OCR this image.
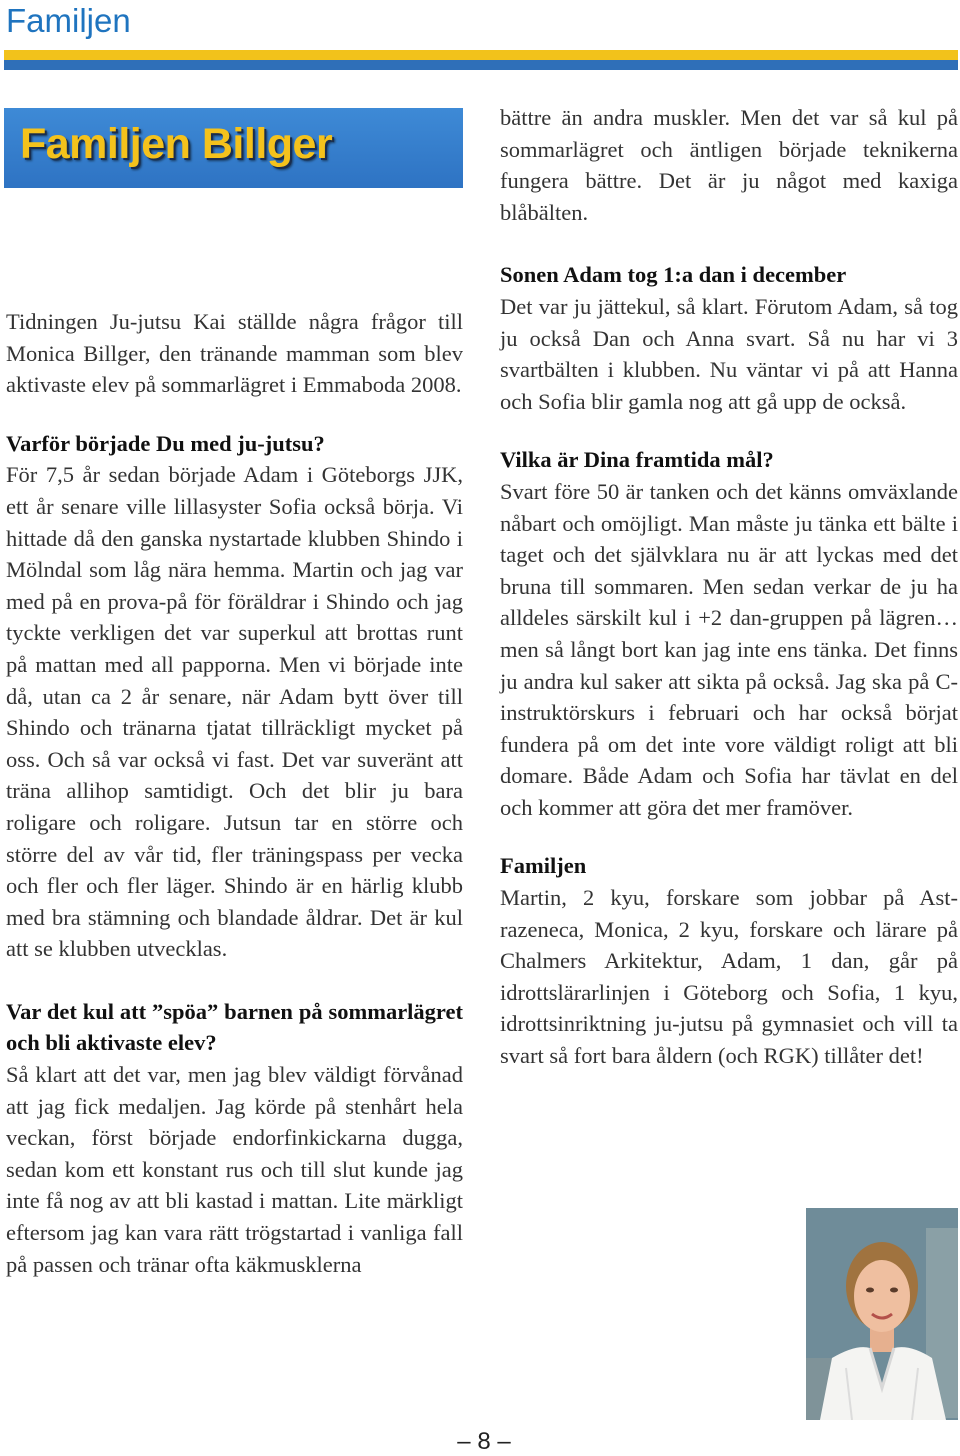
Familjen
Familjen Billger

Tidningen Ju-jutsu Kai ställde några frågor till Monica Billger, den tränande mamman som blev aktivaste elev på sommarlägret i Emmaboda 2008.

Varför började Du med ju-jutsu?

För 7,5 år sedan började Adam i Göteborgs JJK, ett år senare ville lillasyster Sofia också börja. Vi hittade då den ganska nystartade klubben Shindo i Mölndal som låg nära hemma. Martin och jag var med på en prova-på för föräldrar i Shindo och jag tyckte verkligen det var superkul att brottas runt på mattan med all papporna. Men vi började inte då, utan ca 2 år senare, när Adam bytt över till Shindo och tränarna tjatat tillräckligt mycket på oss. Och så var också vi fast. Det var suveränt att träna allihop samtidigt. Och det blir ju bara roligare och roligare. Jutsun tar en större och större del av vår tid, fler träningspass per vecka och fler och fler läger. Shindo är en härlig klubb med bra stämning och blandade åldrar. Det är kul att se klubben utvecklas.

Var det kul att ”spöa” barnen på sommarlägret och bli aktivaste elev?

Så klart att det var, men jag blev väldigt förvånad att jag fick medaljen. Jag körde på stenhårt hela veckan, först började endorfinkickarna dugga, sedan kom ett konstant rus och till slut kunde jag inte få nog av att bli kastad i mattan. Lite märkligt eftersom jag kan vara rätt trögstartad i vanliga fall på passen och tränar ofta käkmusklerna

bättre än andra muskler. Men det var så kul på sommarlägret och äntligen började teknikerna fungera bättre. Det är ju något med kaxiga blåbälten.

Sonen Adam tog 1:a dan i december

Det var ju jättekul, så klart. Förutom Adam, så tog ju också Dan och Anna svart. Så nu har vi 3 svartbälten i klubben. Nu väntar vi på att Hanna och Sofia blir gamla nog att gå upp de också.

Vilka är Dina framtida mål?

Svart före 50 är tanken och det känns omväxlande nåbart och omöjligt. Man måste ju tänka ett bälte i taget och det självklara nu är att lyckas med det bruna till sommaren. Men sedan verkar de ju ha alldeles särskilt kul i +2 dan-gruppen på lägren… men så långt bort kan jag inte ens tänka. Det finns ju andra kul saker att sikta på också. Jag ska på C-instruktörskurs i februari och har också börjat fundera på om det inte vore väldigt roligt att bli domare. Både Adam och Sofia har tävlat en del och kommer att göra det mer framöver.

Familjen

Martin, 2 kyu, forskare som jobbar på Astrazeneca, Monica, 2 kyu, forskare och lärare på Chalmers Arkitektur, Adam, 1 dan, går på idrottslärarlinjen i Göteborg och Sofia, 1 kyu, idrottsinriktning ju-jutsu på gymnasiet och vill ta svart så fort bara åldern (och RGK) tillåter det!

– 8 –
